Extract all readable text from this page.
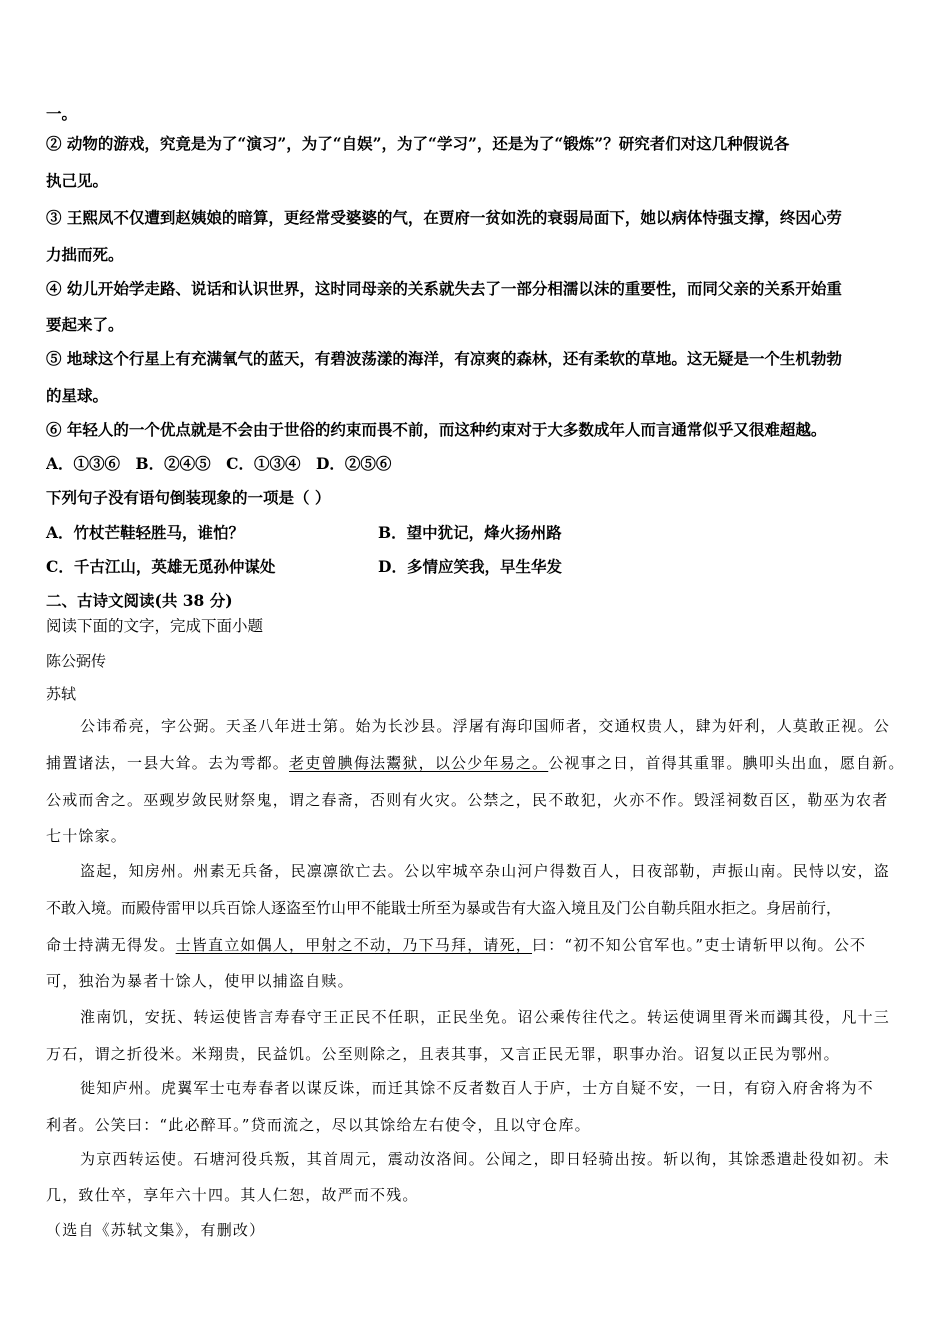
一。
② 动物的游戏，究竟是为了“演习”，为了“自娱”，为了“学习”，还是为了“锻炼”？研究者们对这几种假说各
执己见。
③ 王熙凤不仅遭到赵姨娘的暗算，更经常受婆婆的气，在贾府一贫如洗的衰弱局面下，她以病体恃强支撑，终因心劳
力拙而死。
④ 幼儿开始学走路、说话和认识世界，这时同母亲的关系就失去了一部分相濡以沫的重要性，而同父亲的关系开始重
要起来了。
⑤ 地球这个行星上有充满氧气的蓝天，有碧波荡漾的海洋，有凉爽的森林，还有柔软的草地。这无疑是一个生机勃勃
的星球。
⑥ 年轻人的一个优点就是不会由于世俗的约束而畏不前，而这种约束对于大多数成年人而言通常似乎又很难超越。
A．①③⑥　B．②④⑤　C．①③④　D．②⑤⑥
下列句子没有语句倒装现象的一项是（ ）
A．竹杖芒鞋轻胜马，谁怕？	B．望中犹记，烽火扬州路
C．千古江山，英雄无觅孙仲谋处	D．多情应笑我，早生华发
二、古诗文阅读(共 38 分)
阅读下面的文字，完成下面小题
陈公弼传
苏轼
公讳希亮，字公弼。天圣八年进士第。始为长沙县。浮屠有海印国师者，交通权贵人，肆为奸利，人莫敢正视。公
捕置诸法，一县大耸。去为雩都。老吏曾腆侮法鬻狱，以公少年易之。公视事之日，首得其重罪。腆叩头出血，愿自新。
公戒而舍之。巫觋岁敛民财祭鬼，谓之春斋，否则有火灾。公禁之，民不敢犯，火亦不作。毁淫祠数百区，勒巫为农者
七十馀家。
盗起，知房州。州素无兵备，民凛凛欲亡去。公以牢城卒杂山河户得数百人，日夜部勒，声振山南。民恃以安，盗
不敢入境。而殿侍雷甲以兵百馀人逐盗至竹山甲不能戢士所至为暴或告有大盗入境且及门公自勒兵阻水拒之。身居前行，
命士持满无得发。士皆直立如偶人，甲射之不动，乃下马拜，请死，曰：“初不知公官军也。”吏士请斩甲以徇。公不
可，独治为暴者十馀人，使甲以捕盗自赎。
淮南饥，安抚、转运使皆言寿春守王正民不任职，正民坐免。诏公乘传往代之。转运使调里胥米而蠲其役，凡十三
万石，谓之折役米。米翔贵，民益饥。公至则除之，且表其事，又言正民无罪，职事办治。诏复以正民为鄂州。
徙知庐州。虎翼军士屯寿春者以谋反诛，而迁其馀不反者数百人于庐，士方自疑不安，一日，有窃入府舍将为不
利者。公笑曰：“此必醉耳。”贷而流之，尽以其馀给左右使令，且以守仓库。
为京西转运使。石塘河役兵叛，其首周元，震动汝洛间。公闻之，即日轻骑出按。斩以徇，其馀悉遣赴役如初。未
几，致仕卒，享年六十四。其人仁恕，故严而不残。
（选自《苏轼文集》，有删改）
